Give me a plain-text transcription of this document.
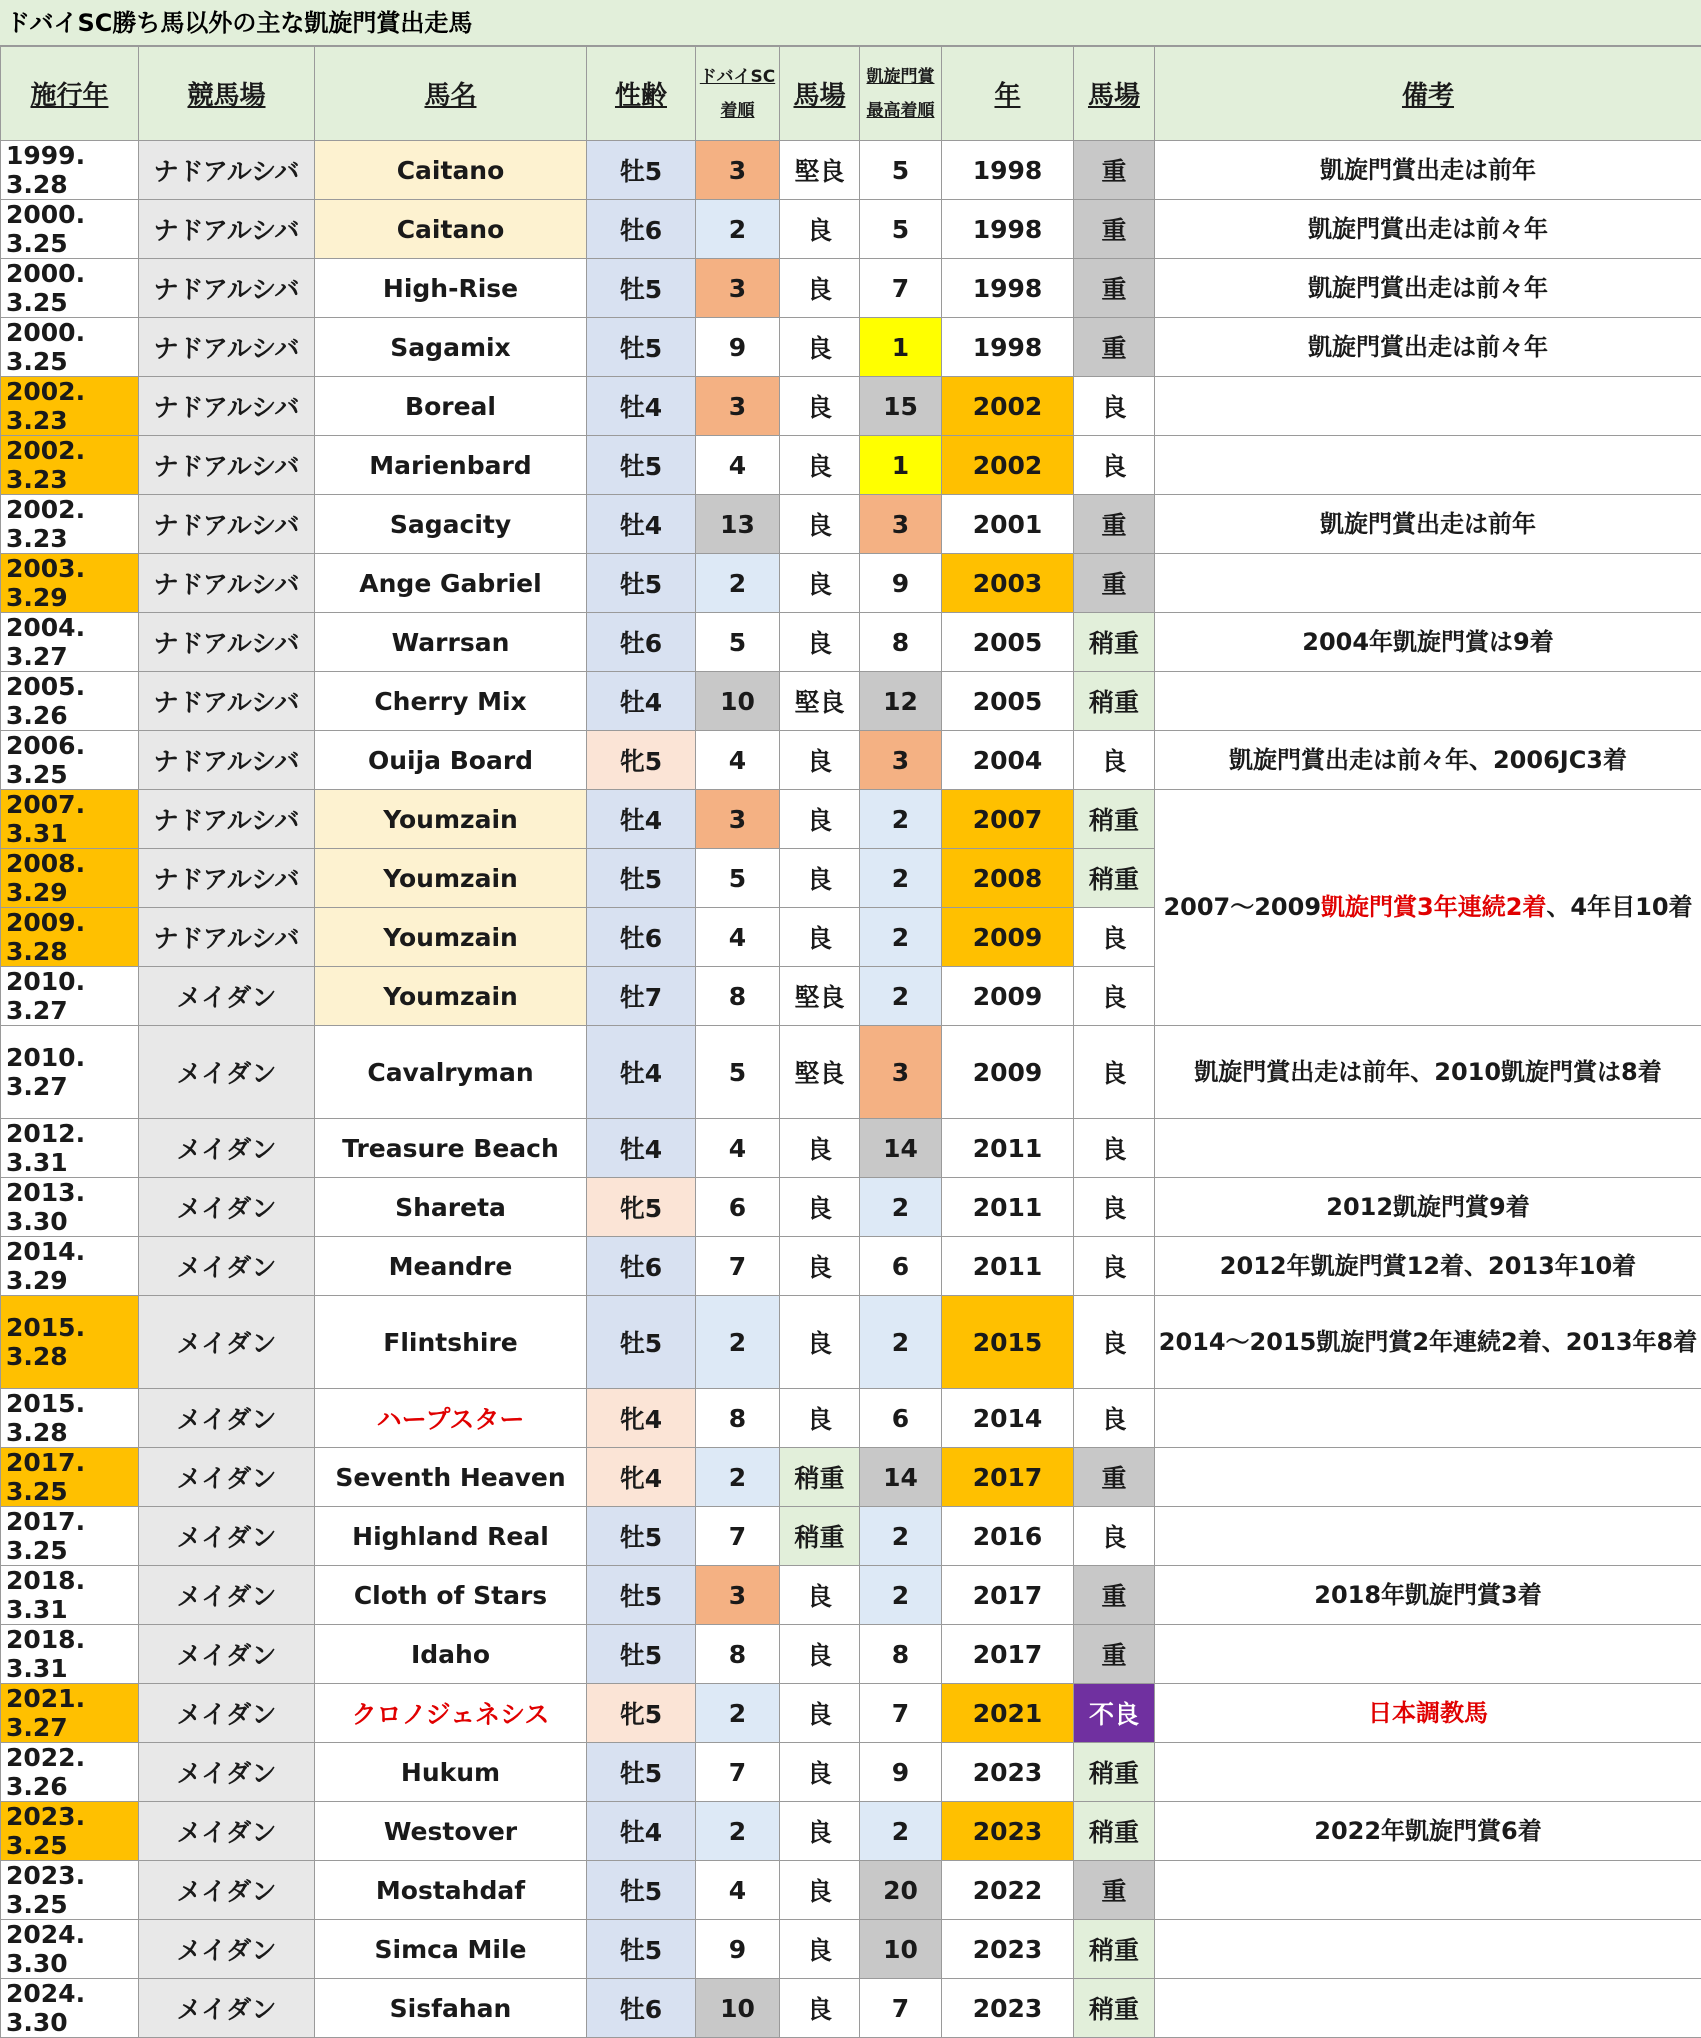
ドバイSC勝ち馬以外の主な凱旋門賞出走馬
施行年	競馬場	馬名	性齢	ドバイSC
着順	馬場	凱旋門賞
最高着順	年	馬場	備考
1999. 3.28	ナドアルシバ	Caitano	牡5	3	堅良	5	1998	重	凱旋門賞出走は前年
2000. 3.25	ナドアルシバ	Caitano	牡6	2	良	5	1998	重	凱旋門賞出走は前々年
2000. 3.25	ナドアルシバ	High-Rise	牡5	3	良	7	1998	重	凱旋門賞出走は前々年
2000. 3.25	ナドアルシバ	Sagamix	牡5	9	良	1	1998	重	凱旋門賞出走は前々年
2002. 3.23	ナドアルシバ	Boreal	牡4	3	良	15	2002	良	
2002. 3.23	ナドアルシバ	Marienbard	牡5	4	良	1	2002	良	
2002. 3.23	ナドアルシバ	Sagacity	牡4	13	良	3	2001	重	凱旋門賞出走は前年
2003. 3.29	ナドアルシバ	Ange Gabriel	牡5	2	良	9	2003	重	
2004. 3.27	ナドアルシバ	Warrsan	牡6	5	良	8	2005	稍重	2004年凱旋門賞は9着
2005. 3.26	ナドアルシバ	Cherry Mix	牡4	10	堅良	12	2005	稍重	
2006. 3.25	ナドアルシバ	Ouija Board	牝5	4	良	3	2004	良	凱旋門賞出走は前々年、2006JC3着
2007. 3.31	ナドアルシバ	Youmzain	牡4	3	良	2	2007	稍重	2007～2009凱旋門賞3年連続2着、4年目10着
2008. 3.29	ナドアルシバ	Youmzain	牡5	5	良	2	2008	稍重	
2009. 3.28	ナドアルシバ	Youmzain	牡6	4	良	2	2009	良	
2010. 3.27	メイダン	Youmzain	牡7	8	堅良	2	2009	良	
2010. 3.27	メイダン	Cavalryman	牡4	5	堅良	3	2009	良	凱旋門賞出走は前年、2010凱旋門賞は8着
2012. 3.31	メイダン	Treasure Beach	牡4	4	良	14	2011	良	
2013. 3.30	メイダン	Shareta	牝5	6	良	2	2011	良	2012凱旋門賞9着
2014. 3.29	メイダン	Meandre	牡6	7	良	6	2011	良	2012年凱旋門賞12着、2013年10着
2015. 3.28	メイダン	Flintshire	牡5	2	良	2	2015	良	2014～2015凱旋門賞2年連続2着、2013年8着
2015. 3.28	メイダン	ハープスター	牝4	8	良	6	2014	良	
2017. 3.25	メイダン	Seventh Heaven	牝4	2	稍重	14	2017	重	
2017. 3.25	メイダン	Highland Real	牡5	7	稍重	2	2016	良	
2018. 3.31	メイダン	Cloth of Stars	牡5	3	良	2	2017	重	2018年凱旋門賞3着
2018. 3.31	メイダン	Idaho	牡5	8	良	8	2017	重	
2021. 3.27	メイダン	クロノジェネシス	牝5	2	良	7	2021	不良	日本調教馬
2022. 3.26	メイダン	Hukum	牡5	7	良	9	2023	稍重	
2023. 3.25	メイダン	Westover	牡4	2	良	2	2023	稍重	2022年凱旋門賞6着
2023. 3.25	メイダン	Mostahdaf	牡5	4	良	20	2022	重	
2024. 3.30	メイダン	Simca Mile	牡5	9	良	10	2023	稍重	
2024. 3.30	メイダン	Sisfahan	牡6	10	良	7	2023	稍重	
